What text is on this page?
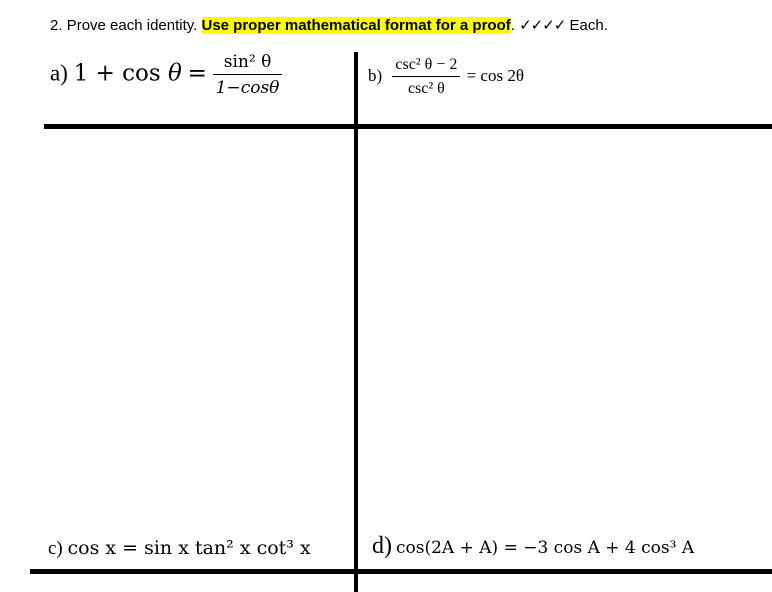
2. Prove each identity. Use proper mathematical format for a proof. ✓✓✓✓ Each.
a) $1 + \cos \theta = \frac{\text{sin² θ}}{1-\cos\theta}$	$b) \frac{\text{csc² θ − 2}}{\text{csc² θ}} = \cos 2\theta$
c) cos x = sin x tan² x cot³ x	d) cos(2A + A) = −3 cos A + 4 cos³ A
